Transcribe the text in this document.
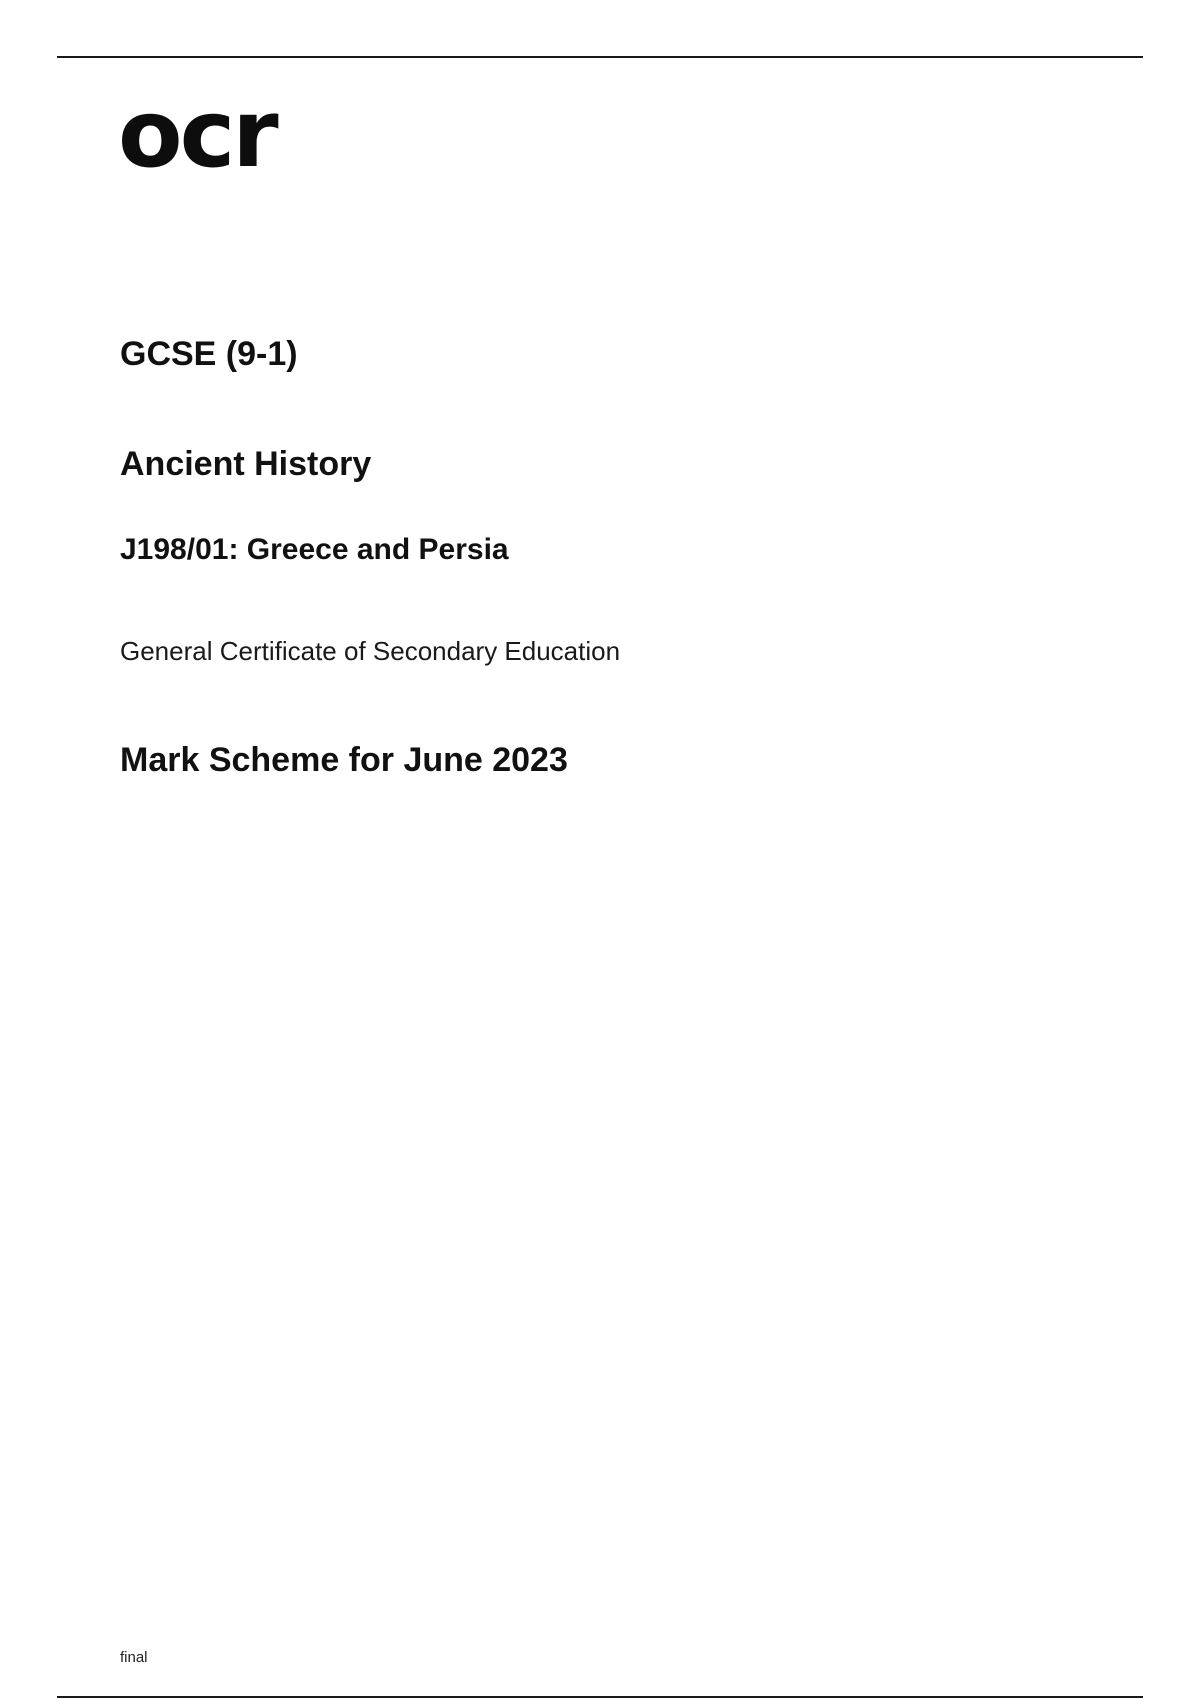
ocr
GCSE (9-1)
Ancient History
J198/01: Greece and Persia
General Certificate of Secondary Education
Mark Scheme for June 2023
final
